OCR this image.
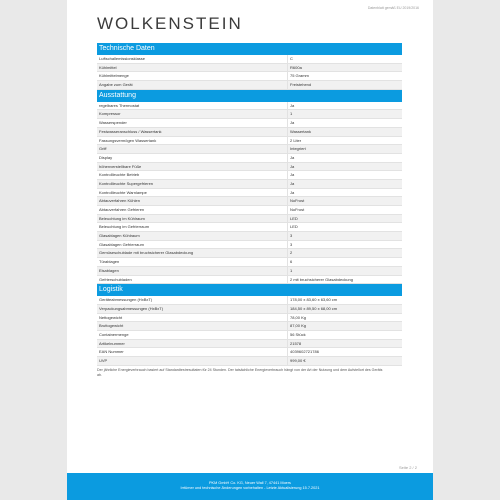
Datenblatt gemäß EU 2019/2016
WOLKENSTEIN
Technische Daten
Luftschallemissionsklasse	C
Kühlmittel	R600a
Kühlmittelmenge	75 Gramm
Angabe zum Gerät	Freistehend
Ausstattung
regelbares Thermostat	Ja
Kompressor	1
Wasserspender	Ja
Festwasseranschluss / Wassertank	Wassertank
Fassungsvermögen Wassertank	2 Liter
Griff	Integriert
Display	Ja
höhenverstellbare Füße	Ja
Kontrollleuchte Betrieb	Ja
Kontrollleuchte Supergefrieren	Ja
Kontrollleuchte Warnlampe	Ja
Abtauverfahren Kühlen	NoFrost
Abtauverfahren Gefrieren	NoFrost
Beleuchtung im Kühlraum	LED
Beleuchtung im Gefrierraum	LED
Glasablagen Kühlraum	3
Glasablagen Gefrierraum	3
Gemüseschublade mit bruchsicherer Glasabdeckung	2
Türablagen	6
Eisablagen	1
Gefrierschubladen	2 mit bruchsicherer Glasabdeckung
Logistik
Geräteabmessungen (HxBxT)	178,00 x 83,60 x 63,60 cm
Verpackungsabmessungen (HxBxT)	184,50 x 89,50 x 68,00 cm
Nettogewicht	78,00 Kg
Bruttogewicht	87,00 Kg
Containermenge	56 Stück
Artikelnummer	21578
EAN Nummer	4039602721786
UVP	999,00 €
Der jährliche Energieverbrauch basiert auf Standardtestresultaten für 24 Stunden. Der tatsächliche Energieverbrauch hängt von der Art der Nutzung und dem Aufstellort des Geräts ab.
Seite 2 / 2
PKM GmbH Co. KG, Neuer Wall 7, 47441 Moers
Irrtümer und technische Änderungen vorbehalten - Letzte Aktualisierung 15.7.2021
